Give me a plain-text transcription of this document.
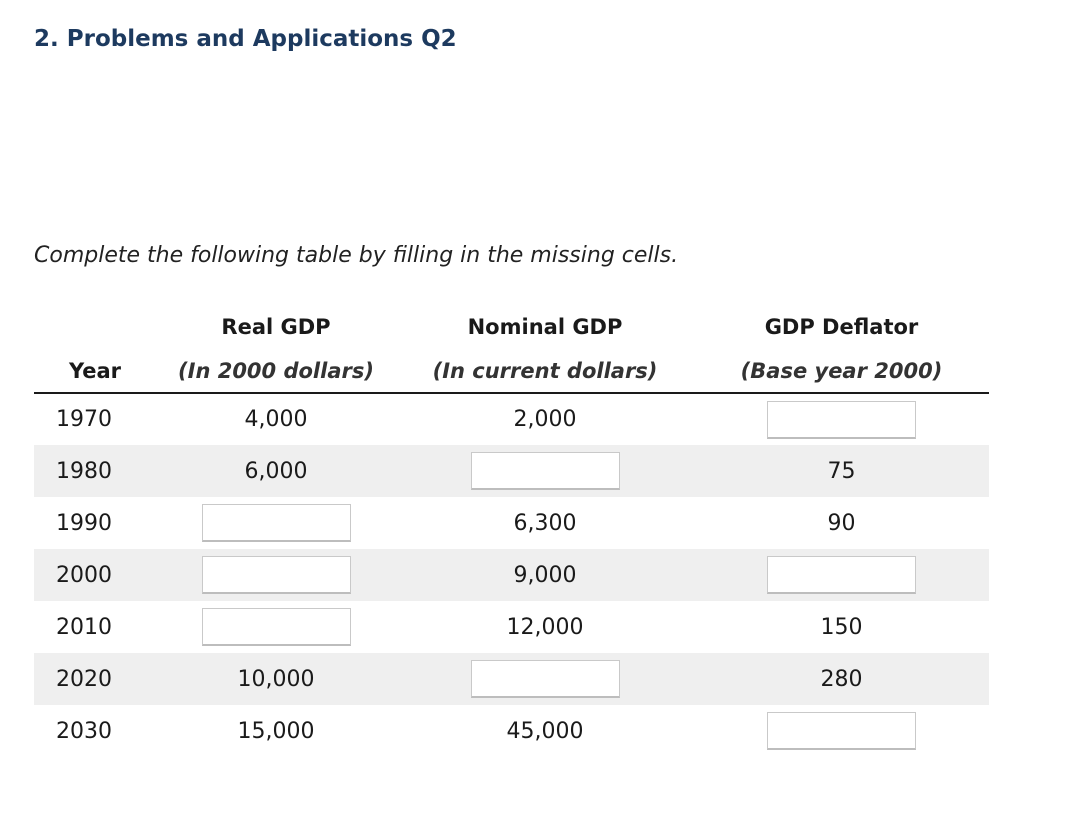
2. Problems and Applications Q2

Complete the following table by filling in the missing cells.

	Real GDP	Nominal GDP	GDP Deflator
Year	(In 2000 dollars)	(In current dollars)	(Base year 2000)
1970	4,000	2,000	
1980	6,000		75
1990		6,300	90
2000		9,000	
2010		12,000	150
2020	10,000		280
2030	15,000	45,000	
